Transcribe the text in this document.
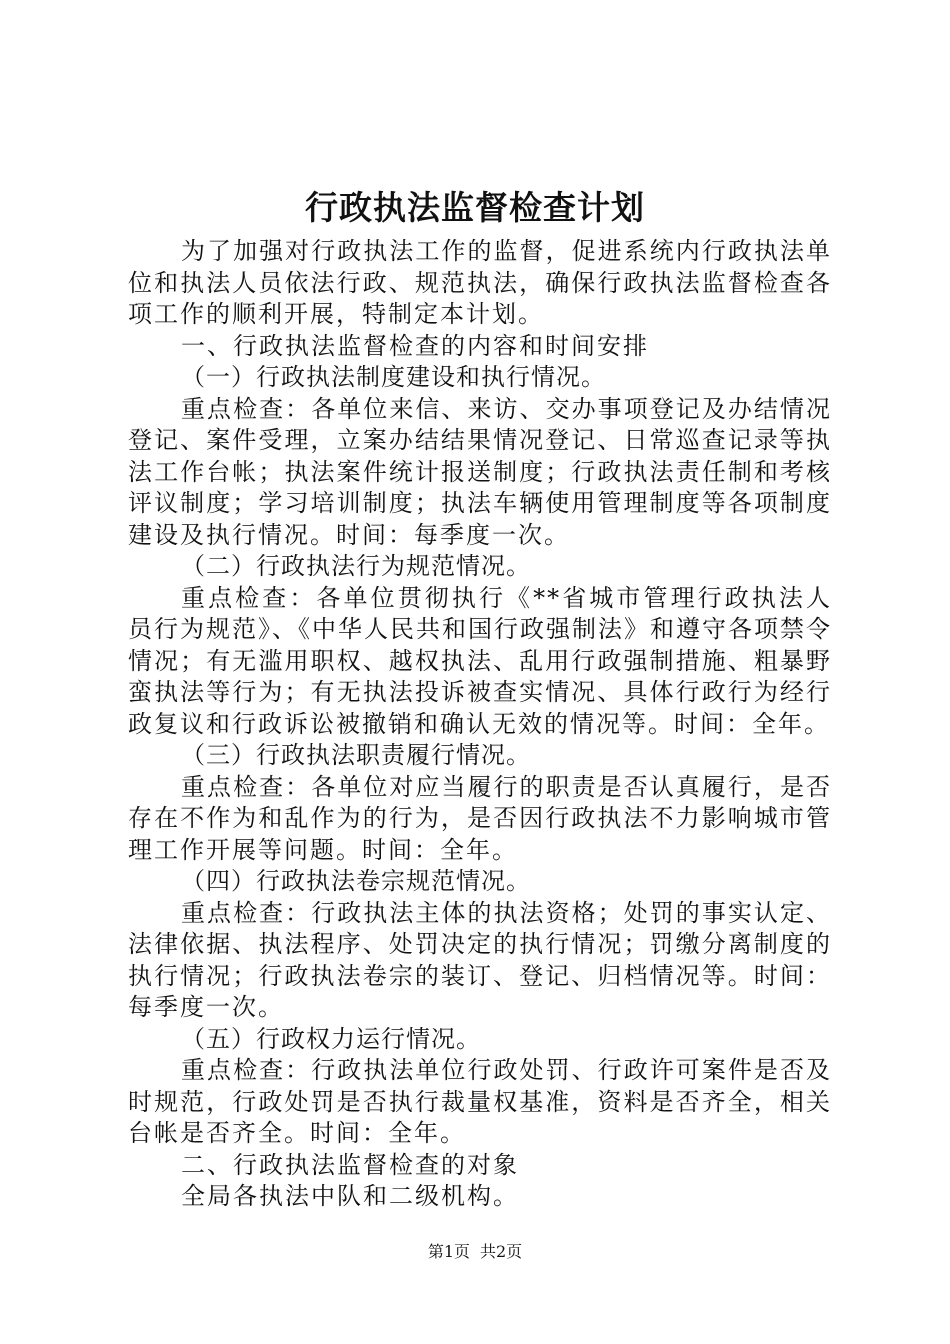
行政执法监督检查计划

为了加强对行政执法工作的监督，促进系统内行政执法单位和执法人员依法行政、规范执法，确保行政执法监督检查各项工作的顺利开展，特制定本计划。

一、行政执法监督检查的内容和时间安排

（一）行政执法制度建设和执行情况。

重点检查：各单位来信、来访、交办事项登记及办结情况登记、案件受理，立案办结结果情况登记、日常巡查记录等执法工作台帐；执法案件统计报送制度；行政执法责任制和考核评议制度；学习培训制度；执法车辆使用管理制度等各项制度建设及执行情况。时间：每季度一次。

（二）行政执法行为规范情况。

重点检查：各单位贯彻执行《**省城市管理行政执法人员行为规范》、《中华人民共和国行政强制法》和遵守各项禁令情况；有无滥用职权、越权执法、乱用行政强制措施、粗暴野蛮执法等行为；有无执法投诉被查实情况、具体行政行为经行政复议和行政诉讼被撤销和确认无效的情况等。时间：全年。

（三）行政执法职责履行情况。

重点检查：各单位对应当履行的职责是否认真履行，是否存在不作为和乱作为的行为，是否因行政执法不力影响城市管理工作开展等问题。时间：全年。

（四）行政执法卷宗规范情况。

重点检查：行政执法主体的执法资格；处罚的事实认定、法律依据、执法程序、处罚决定的执行情况；罚缴分离制度的执行情况；行政执法卷宗的装订、登记、归档情况等。时间：每季度一次。

（五）行政权力运行情况。

重点检查：行政执法单位行政处罚、行政许可案件是否及时规范，行政处罚是否执行裁量权基准，资料是否齐全，相关台帐是否齐全。时间：全年。

二、行政执法监督检查的对象

全局各执法中队和二级机构。

第1页 共2页
